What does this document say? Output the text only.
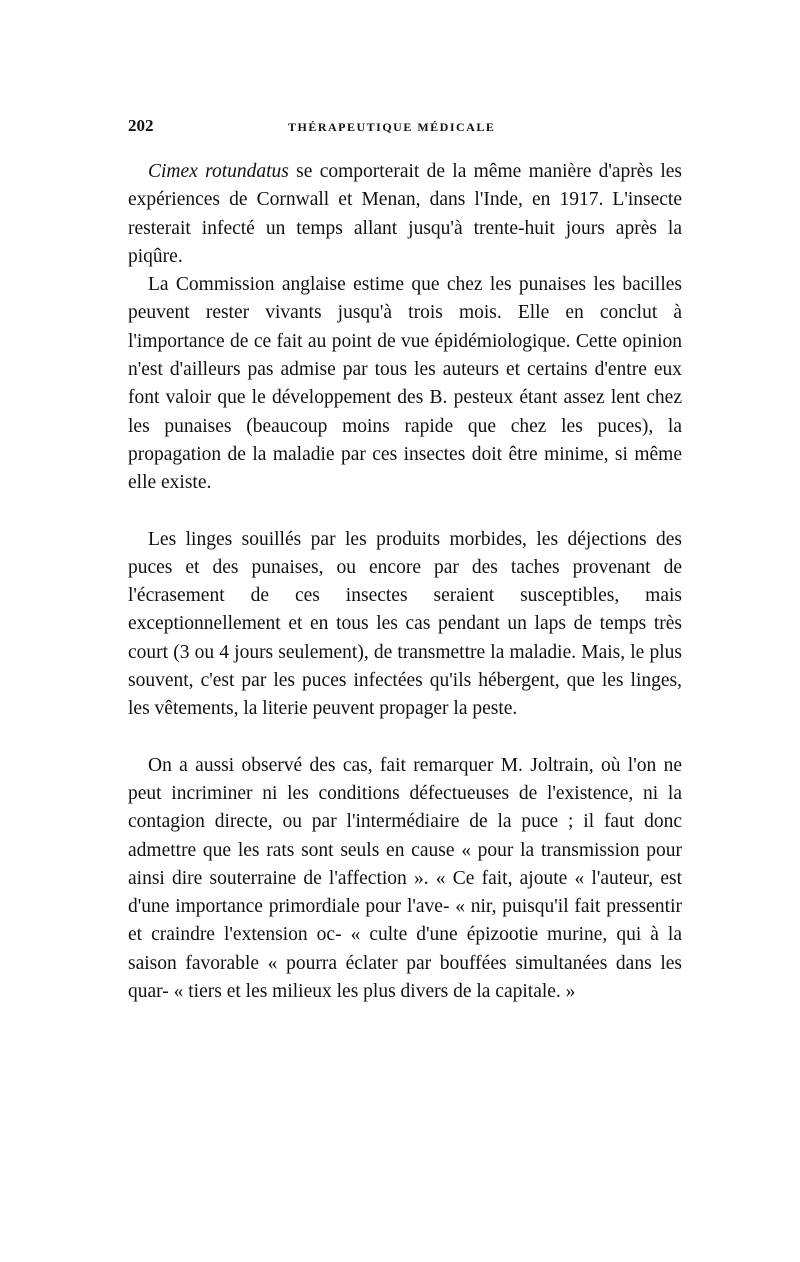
202	THÉRAPEUTIQUE MÉDICALE

Cimex rotundatus se comporterait de la même manière d'après les expériences de Cornwall et Menan, dans l'Inde, en 1917. L'insecte resterait infecté un temps allant jusqu'à trente-huit jours après la piqûre.

La Commission anglaise estime que chez les punaises les bacilles peuvent rester vivants jusqu'à trois mois. Elle en conclut à l'importance de ce fait au point de vue épidémiologique. Cette opinion n'est d'ailleurs pas admise par tous les auteurs et certains d'entre eux font valoir que le développement des B. pesteux étant assez lent chez les punaises (beaucoup moins rapide que chez les puces), la propagation de la maladie par ces insectes doit être minime, si même elle existe.

Les linges souillés par les produits morbides, les déjections des puces et des punaises, ou encore par des taches provenant de l'écrasement de ces insectes seraient susceptibles, mais exceptionnellement et en tous les cas pendant un laps de temps très court (3 ou 4 jours seulement), de transmettre la maladie. Mais, le plus souvent, c'est par les puces infectées qu'ils hébergent, que les linges, les vêtements, la literie peuvent propager la peste.

On a aussi observé des cas, fait remarquer M. Joltrain, où l'on ne peut incriminer ni les conditions défectueuses de l'existence, ni la contagion directe, ou par l'intermédiaire de la puce ; il faut donc admettre que les rats sont seuls en cause « pour la transmission pour ainsi dire souterraine de l'affection ». « Ce fait, ajoute « l'auteur, est d'une importance primordiale pour l'ave- « nir, puisqu'il fait pressentir et craindre l'extension oc- « culte d'une épizootie murine, qui à la saison favorable « pourra éclater par bouffées simultanées dans les quar- « tiers et les milieux les plus divers de la capitale. »
